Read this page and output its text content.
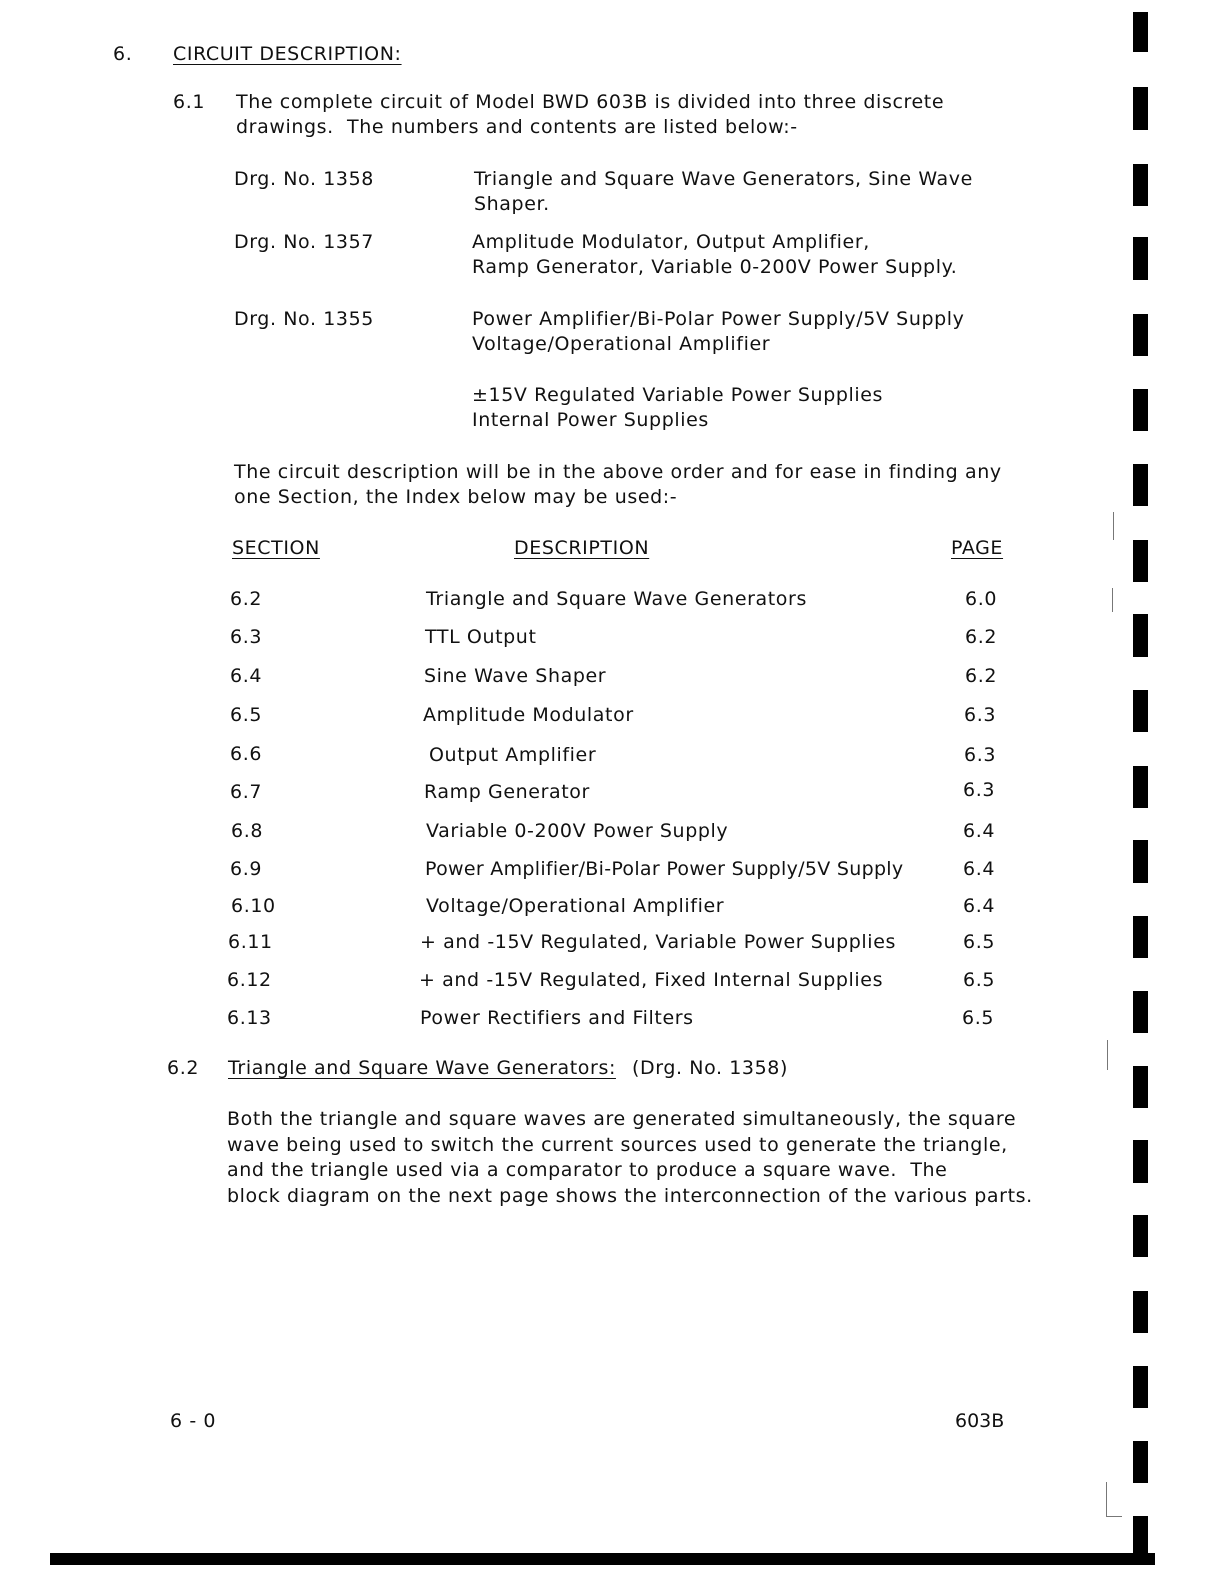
6. CIRCUIT DESCRIPTION:
6.1 The complete circuit of Model BWD 603B is divided into three discrete
drawings.  The numbers and contents are listed below:-
Drg. No. 1358	Triangle and Square Wave Generators, Sine Wave
Shaper.
Drg. No. 1357	Amplitude Modulator, Output Amplifier,
Ramp Generator, Variable 0-200V Power Supply.
Drg. No. 1355	Power Amplifier/Bi-Polar Power Supply/5V Supply
Voltage/Operational Amplifier
±15V Regulated Variable Power Supplies
Internal Power Supplies
The circuit description will be in the above order and for ease in finding any
one Section, the Index below may be used:-
SECTION	DESCRIPTION	PAGE
6.2	Triangle and Square Wave Generators	6.0
6.3	TTL Output	6.2
6.4	Sine Wave Shaper	6.2
6.5	Amplitude Modulator	6.3
6.6	Output Amplifier	6.3
6.7	Ramp Generator	6.3
6.8	Variable 0-200V Power Supply	6.4
6.9	Power Amplifier/Bi-Polar Power Supply/5V Supply	6.4
6.10	Voltage/Operational Amplifier	6.4
6.11	+ and -15V Regulated, Variable Power Supplies	6.5
6.12	+ and -15V Regulated, Fixed Internal Supplies	6.5
6.13	Power Rectifiers and Filters	6.5
6.2 Triangle and Square Wave Generators: (Drg. No. 1358)
Both the triangle and square waves are generated simultaneously, the square
wave being used to switch the current sources used to generate the triangle,
and the triangle used via a comparator to produce a square wave.  The
block diagram on the next page shows the interconnection of the various parts.
6 - 0	603B
